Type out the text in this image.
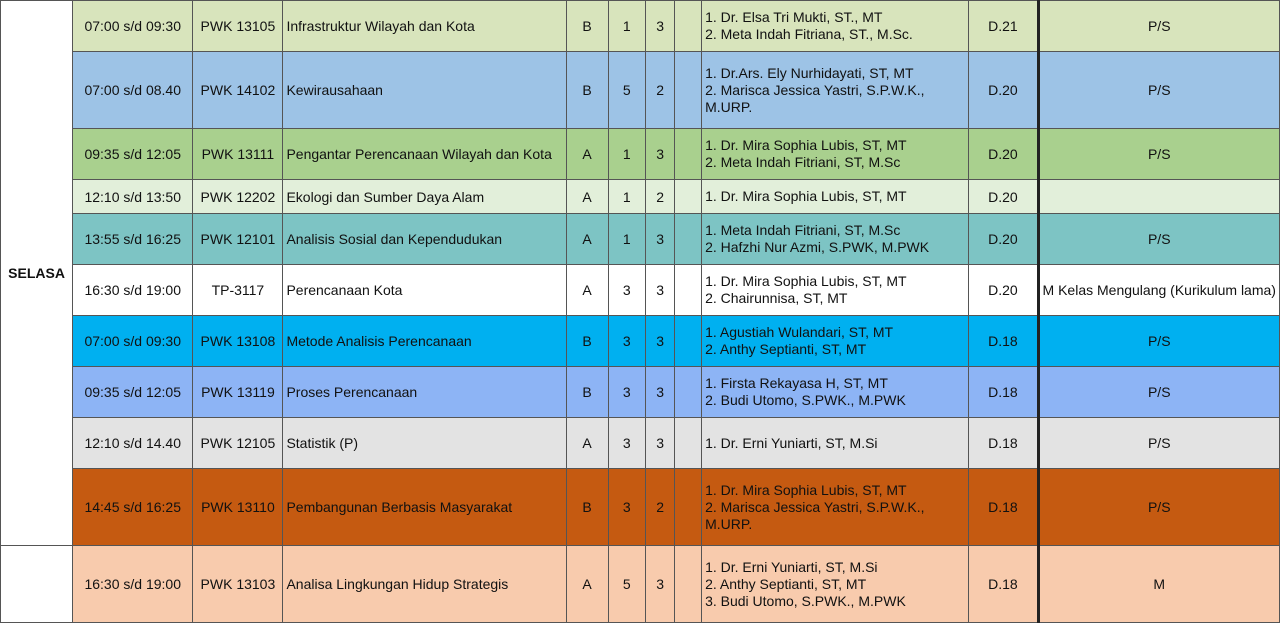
SELASA	07:00 s/d 09:30	PWK 13105	Infrastruktur Wilayah dan Kota	B	1	3		1. Dr. Elsa Tri Mukti, ST., MT
2. Meta Indah Fitriana, ST., M.Sc.	D.21	P/S
	07:00 s/d 08.40	PWK 14102	Kewirausahaan	B	5	2		1. Dr.Ars. Ely Nurhidayati, ST, MT
2. Marisca Jessica Yastri, S.P.W.K.,
M.URP.	D.20	P/S
	09:35 s/d 12:05	PWK 13111	Pengantar Perencanaan Wilayah dan Kota	A	1	3		1. Dr. Mira Sophia Lubis, ST, MT
2. Meta Indah Fitriani, ST, M.Sc	D.20	P/S
	12:10 s/d 13:50	PWK 12202	Ekologi dan Sumber Daya Alam	A	1	2		1. Dr. Mira Sophia Lubis, ST, MT	D.20	
	13:55 s/d 16:25	PWK 12101	Analisis Sosial dan Kependudukan	A	1	3		1. Meta Indah Fitriani, ST, M.Sc
2. Hafzhi Nur Azmi, S.PWK, M.PWK	D.20	P/S
	16:30 s/d 19:00	TP-3117	Perencanaan Kota	A	3	3		1. Dr. Mira Sophia Lubis, ST, MT
2. Chairunnisa, ST, MT	D.20	M Kelas Mengulang (Kurikulum lama)
	07:00 s/d 09:30	PWK 13108	Metode Analisis Perencanaan	B	3	3		1. Agustiah Wulandari, ST, MT
2. Anthy Septianti, ST, MT	D.18	P/S
	09:35 s/d 12:05	PWK 13119	Proses Perencanaan	B	3	3		1. Firsta Rekayasa H, ST, MT
2. Budi Utomo, S.PWK., M.PWK	D.18	P/S
	12:10 s/d 14.40	PWK 12105	Statistik (P)	A	3	3		1. Dr. Erni Yuniarti, ST, M.Si	D.18	P/S
	14:45 s/d 16:25	PWK 13110	Pembangunan Berbasis Masyarakat	B	3	2		1. Dr. Mira Sophia Lubis, ST, MT
2. Marisca Jessica Yastri, S.P.W.K.,
M.URP.	D.18	P/S
	16:30 s/d 19:00	PWK 13103	Analisa Lingkungan Hidup Strategis	A	5	3		1. Dr. Erni Yuniarti, ST, M.Si
2. Anthy Septianti, ST, MT
3. Budi Utomo, S.PWK., M.PWK	D.18	M
